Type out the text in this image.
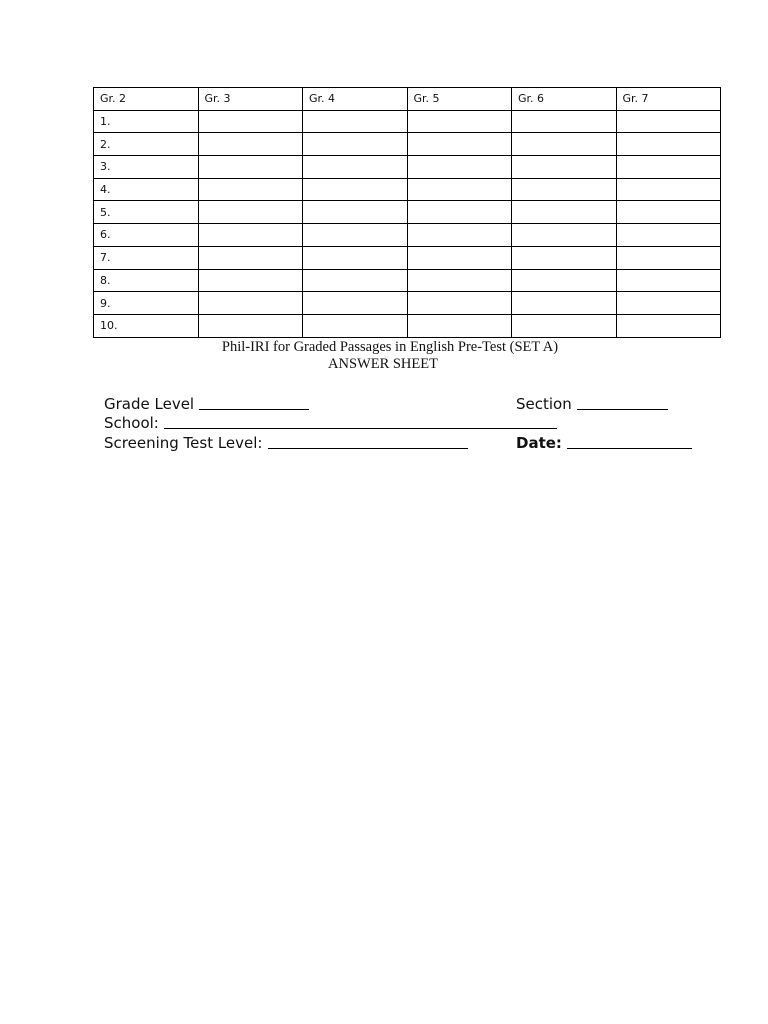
Gr. 2	Gr. 3	Gr. 4	Gr. 5	Gr. 6	Gr. 7
1.					
2.					
3.					
4.					
5.					
6.					
7.					
8.					
9.					
10.					
Phil-IRI for Graded Passages in English Pre-Test (SET A)
ANSWER SHEET
Grade Level	Section
School:
Screening Test Level:	Date:
